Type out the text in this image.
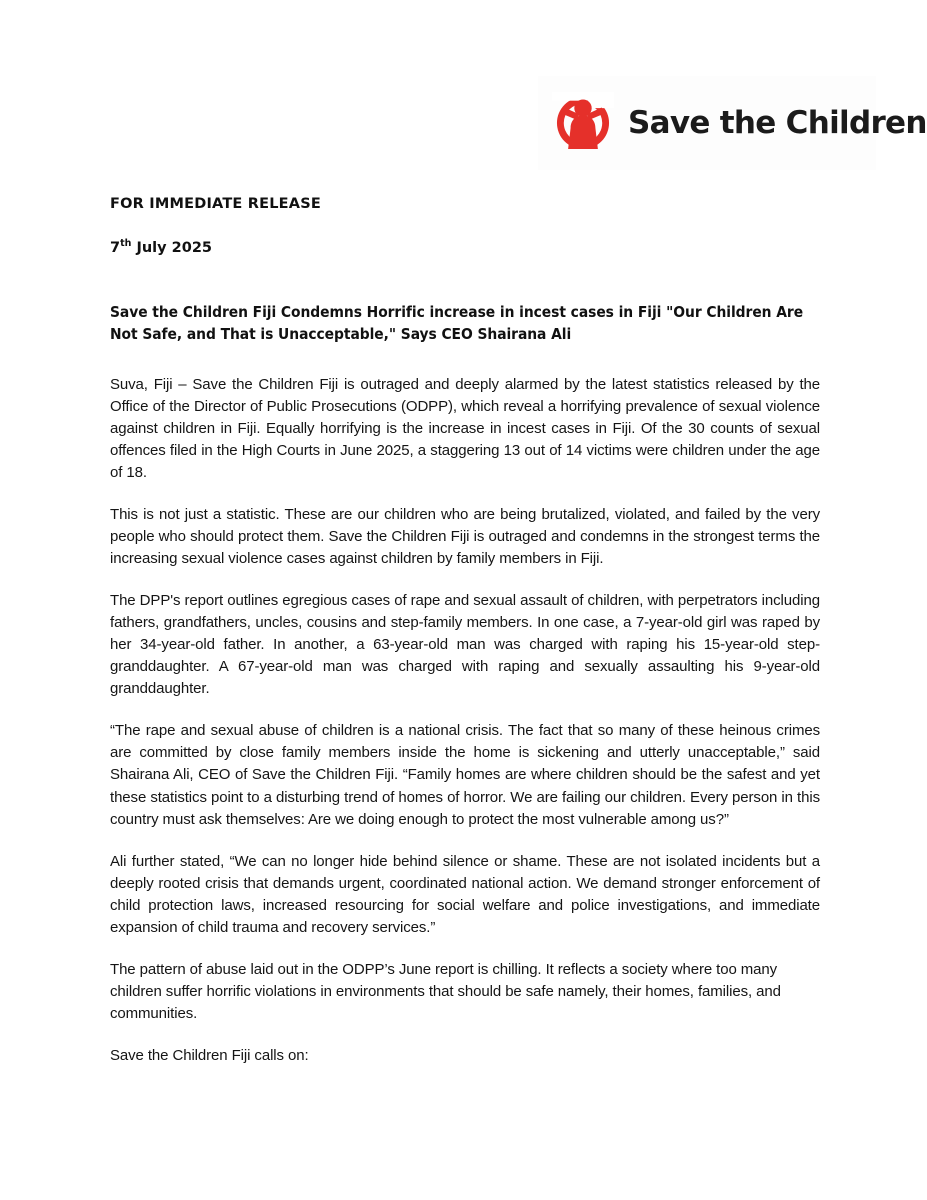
Save the Children
FOR IMMEDIATE RELEASE
7th July 2025
Save the Children Fiji Condemns Horrific increase in incest cases in Fiji "Our Children Are Not Safe, and That is Unacceptable," Says CEO Shairana Ali

Suva, Fiji – Save the Children Fiji is outraged and deeply alarmed by the latest statistics released by the Office of the Director of Public Prosecutions (ODPP), which reveal a horrifying prevalence of sexual violence against children in Fiji. Equally horrifying is the increase in incest cases in Fiji. Of the 30 counts of sexual offences filed in the High Courts in June 2025, a staggering 13 out of 14 victims were children under the age of 18.

This is not just a statistic. These are our children who are being brutalized, violated, and failed by the very people who should protect them. Save the Children Fiji is outraged and condemns in the strongest terms the increasing sexual violence cases against children by family members in Fiji.

The DPP's report outlines egregious cases of rape and sexual assault of children, with perpetrators including fathers, grandfathers, uncles, cousins and step-family members. In one case, a 7-year-old girl was raped by her 34-year-old father. In another, a 63-year-old man was charged with raping his 15-year-old step-granddaughter. A 67-year-old man was charged with raping and sexually assaulting his 9-year-old granddaughter.

“The rape and sexual abuse of children is a national crisis. The fact that so many of these heinous crimes are committed by close family members inside the home is sickening and utterly unacceptable,” said Shairana Ali, CEO of Save the Children Fiji. “Family homes are where children should be the safest and yet these statistics point to a disturbing trend of homes of horror. We are failing our children. Every person in this country must ask themselves: Are we doing enough to protect the most vulnerable among us?”

Ali further stated, “We can no longer hide behind silence or shame. These are not isolated incidents but a deeply rooted crisis that demands urgent, coordinated national action. We demand stronger enforcement of child protection laws, increased resourcing for social welfare and police investigations, and immediate expansion of child trauma and recovery services.”

The pattern of abuse laid out in the ODPP’s June report is chilling. It reflects a society where too many children suffer horrific violations in environments that should be safe namely, their homes, families, and communities.

Save the Children Fiji calls on:
